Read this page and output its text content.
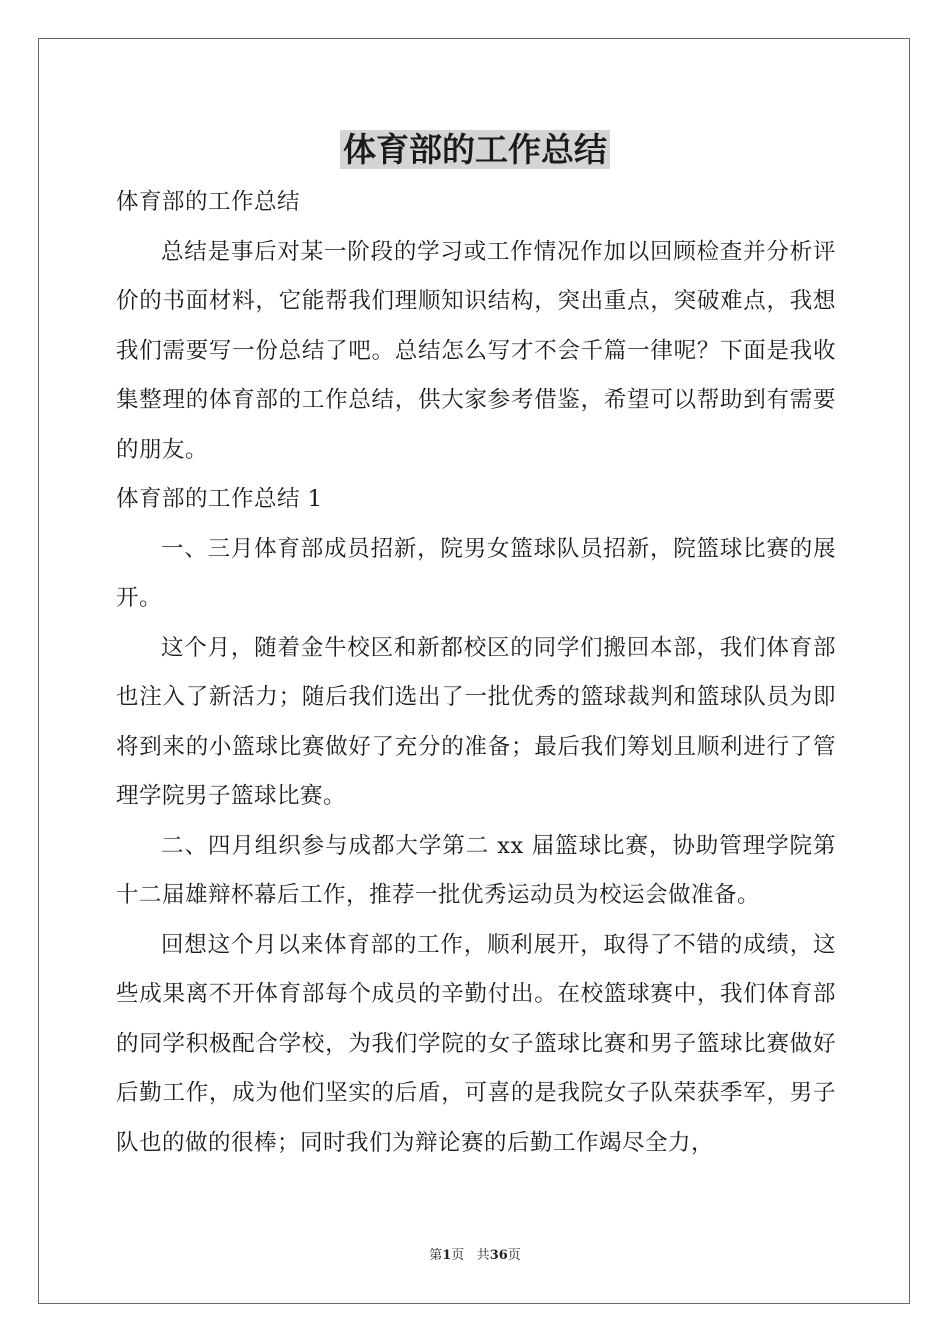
体育部的工作总结

体育部的工作总结

总结是事后对某一阶段的学习或工作情况作加以回顾检查并分析评价的书面材料，它能帮我们理顺知识结构，突出重点，突破难点，我想我们需要写一份总结了吧。总结怎么写才不会千篇一律呢？下面是我收集整理的体育部的工作总结，供大家参考借鉴，希望可以帮助到有需要的朋友。

体育部的工作总结 1

一、三月体育部成员招新，院男女篮球队员招新，院篮球比赛的展开。

这个月，随着金牛校区和新都校区的同学们搬回本部，我们体育部也注入了新活力；随后我们选出了一批优秀的篮球裁判和篮球队员为即将到来的小篮球比赛做好了充分的准备；最后我们筹划且顺利进行了管理学院男子篮球比赛。

二、四月组织参与成都大学第二 xx 届篮球比赛，协助管理学院第十二届雄辩杯幕后工作，推荐一批优秀运动员为校运会做准备。

回想这个月以来体育部的工作，顺利展开，取得了不错的成绩，这些成果离不开体育部每个成员的辛勤付出。在校篮球赛中，我们体育部的同学积极配合学校，为我们学院的女子篮球比赛和男子篮球比赛做好后勤工作，成为他们坚实的后盾，可喜的是我院女子队荣获季军，男子队也的做的很棒；同时我们为辩论赛的后勤工作竭尽全力，

第1页 共36页
